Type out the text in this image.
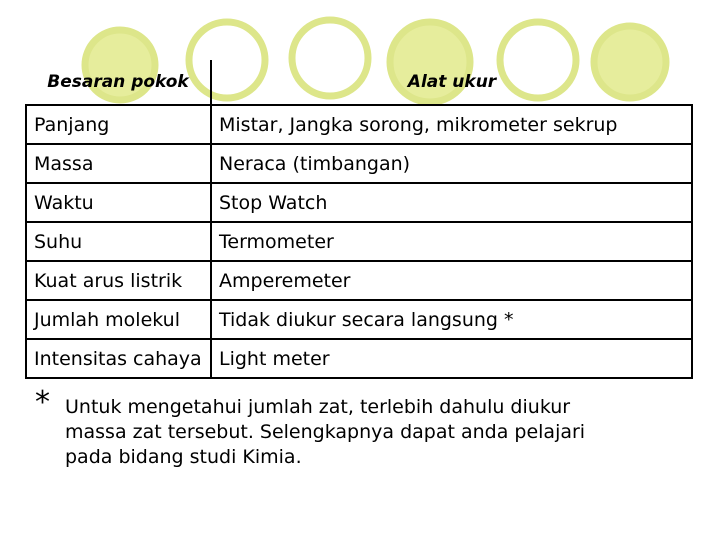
Besaran pokok	Alat ukur
Panjang	Mistar, Jangka sorong, mikrometer sekrup
Massa	Neraca (timbangan)
Waktu	Stop Watch
Suhu	Termometer
Kuat arus listrik	Amperemeter
Jumlah molekul	Tidak diukur secara langsung *
Intensitas cahaya	Light meter
* Untuk mengetahui jumlah zat, terlebih dahulu diukur
massa zat tersebut. Selengkapnya dapat anda pelajari
pada bidang studi Kimia.
